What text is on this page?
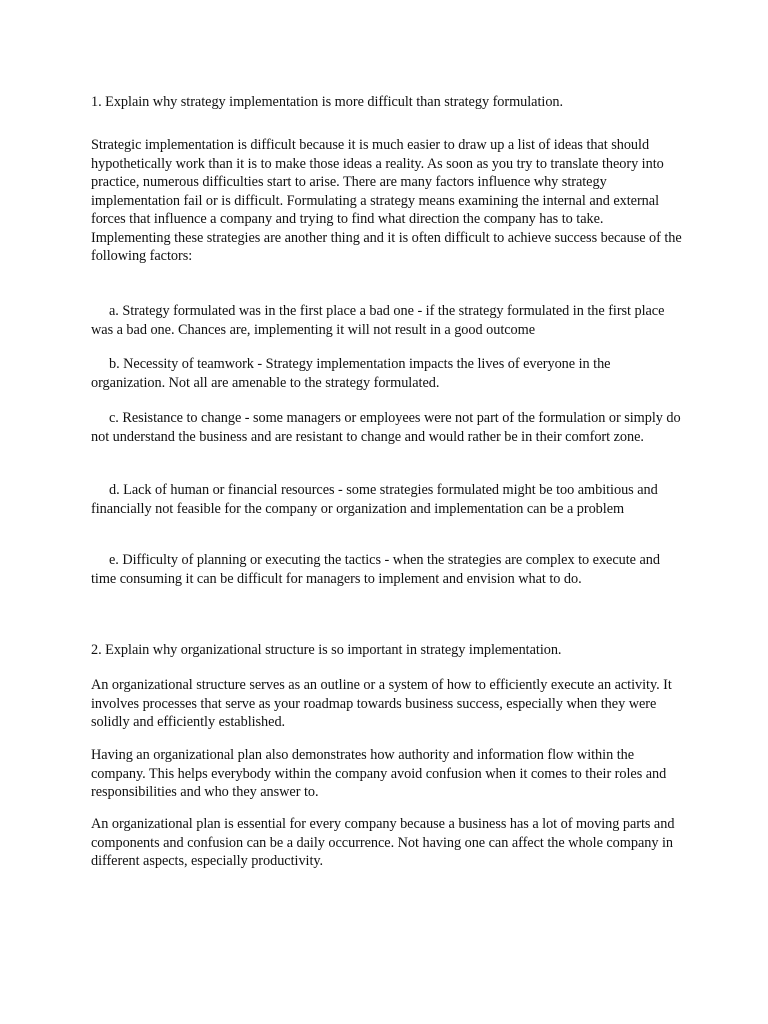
1. Explain why strategy implementation is more difficult than strategy formulation.

Strategic implementation is difficult because it is much easier to draw up a list of ideas that should hypothetically work than it is to make those ideas a reality. As soon as you try to translate theory into practice, numerous difficulties start to arise. There are many factors influence why strategy implementation fail or is difficult. Formulating a strategy means examining the internal and external forces that influence a company and trying to find what direction the company has to take. Implementing these strategies are another thing and it is often difficult to achieve success because of the following factors:

a. Strategy formulated was in the first place a bad one - if the strategy formulated in the first place was a bad one. Chances are, implementing it will not result in a good outcome

b. Necessity of teamwork - Strategy implementation impacts the lives of everyone in the organization. Not all are amenable to the strategy formulated.

c. Resistance to change - some managers or employees were not part of the formulation or simply do not understand the business and are resistant to change and would rather be in their comfort zone.

d. Lack of human or financial resources - some strategies formulated might be too ambitious and financially not feasible for the company or organization and implementation can be a problem

e. Difficulty of planning or executing the tactics - when the strategies are complex to execute and time consuming it can be difficult for managers to implement and envision what to do.

2. Explain why organizational structure is so important in strategy implementation.

An organizational structure serves as an outline or a system of how to efficiently execute an activity. It involves processes that serve as your roadmap towards business success, especially when they were solidly and efficiently established.

Having an organizational plan also demonstrates how authority and information flow within the company. This helps everybody within the company avoid confusion when it comes to their roles and responsibilities and who they answer to.

An organizational plan is essential for every company because a business has a lot of moving parts and components and confusion can be a daily occurrence. Not having one can affect the whole company in different aspects, especially productivity.
